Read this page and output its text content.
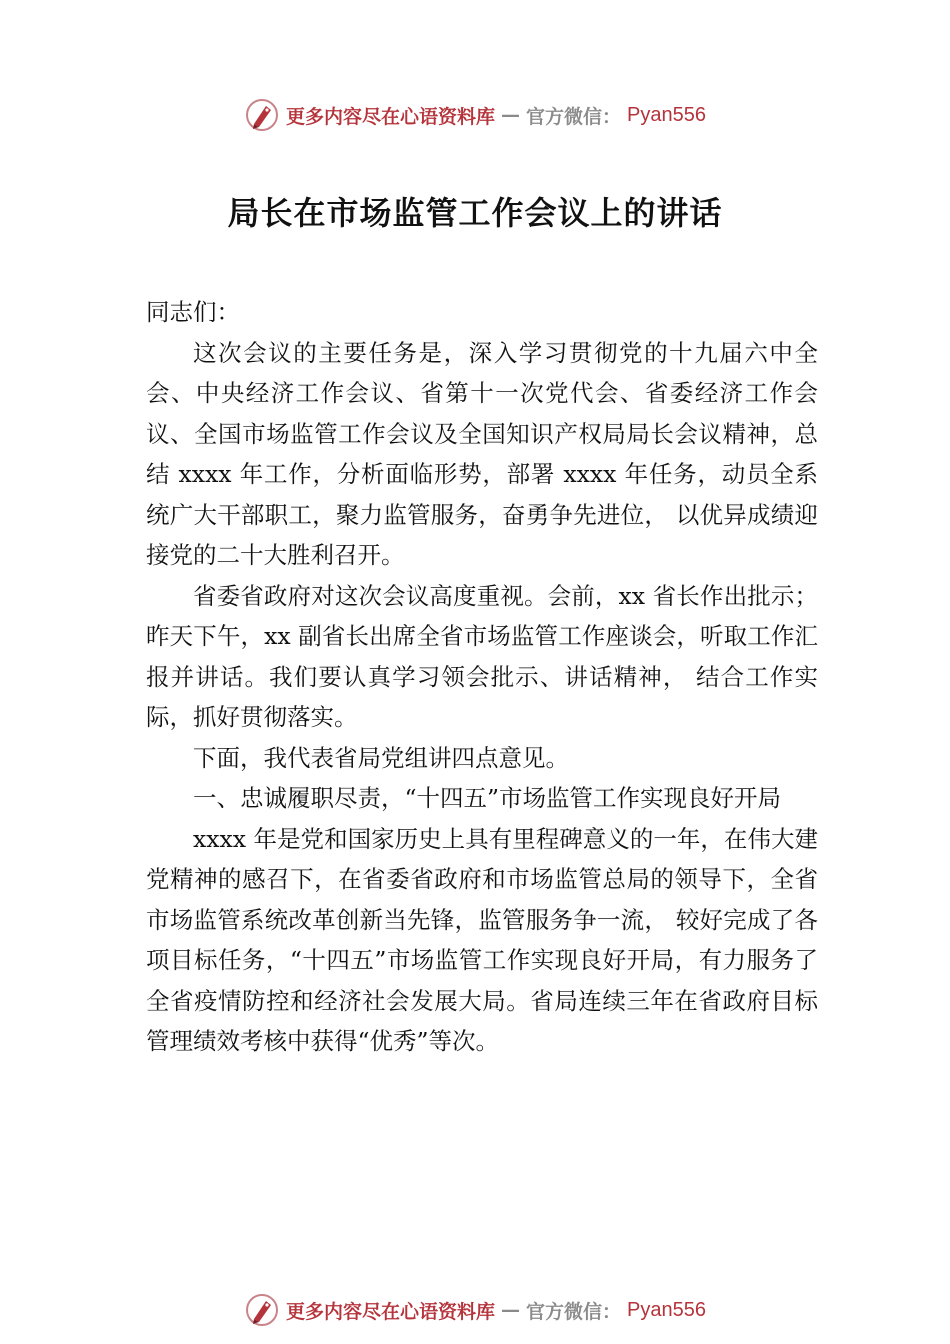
更多内容尽在心语资料库 — 官方微信： Pyan556
局长在市场监管工作会议上的讲话

同志们：

这次会议的主要任务是，深入学习贯彻党的十九届六中全会、中央经济工作会议、省第十一次党代会、省委经济工作会议、全国市场监管工作会议及全国知识产权局局长会议精神，总结 xxxx 年工作，分析面临形势，部署 xxxx 年任务，动员全系统广大干部职工，聚力监管服务，奋勇争先进位， 以优异成绩迎接党的二十大胜利召开。

省委省政府对这次会议高度重视。会前，xx 省长作出批示；昨天下午，xx 副省长出席全省市场监管工作座谈会，听取工作汇报并讲话。我们要认真学习领会批示、讲话精神， 结合工作实际，抓好贯彻落实。

下面，我代表省局党组讲四点意见。

一、忠诚履职尽责，“十四五”市场监管工作实现良好开局

xxxx 年是党和国家历史上具有里程碑意义的一年，在伟大建党精神的感召下，在省委省政府和市场监管总局的领导下，全省市场监管系统改革创新当先锋，监管服务争一流， 较好完成了各项目标任务，“十四五”市场监管工作实现良好开局，有力服务了全省疫情防控和经济社会发展大局。省局连续三年在省政府目标管理绩效考核中获得“优秀”等次。

更多内容尽在心语资料库 — 官方微信： Pyan556
